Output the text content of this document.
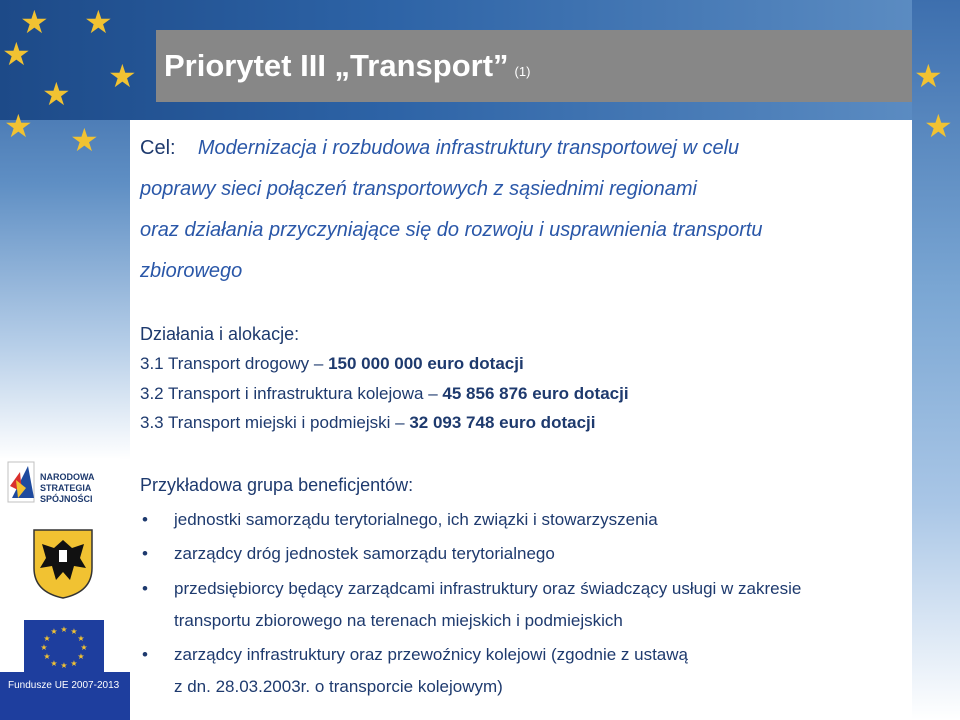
★ ★
★
★
★
★ ★
★
★
Priorytet III „Transport” (1)

Cel: Modernizacja i rozbudowa infrastruktury transportowej w celu

poprawy sieci połączeń transportowych z sąsiednimi regionami

oraz działania przyczyniające się do rozwoju i usprawnienia transportu

zbiorowego

Działania i alokacje:
3.1 Transport drogowy – 150 000 000 euro dotacji
3.2 Transport i infrastruktura kolejowa – 45 856 876 euro dotacji
3.3 Transport miejski i podmiejski – 32 093 748 euro dotacji
Przykładowa grupa beneficjentów:
• jednostki samorządu terytorialnego, ich związki i stowarzyszenia
• zarządcy dróg jednostek samorządu terytorialnego
• przedsiębiorcy będący zarządcami infrastruktury oraz świadczący usługi w zakresie
transportu zbiorowego na terenach miejskich i podmiejskich
• zarządcy infrastruktury oraz przewoźnicy kolejowi (zgodnie z ustawą
z dn. 28.03.2003r. o transporcie kolejowym)
NARODOWA
STRATEGIA SPÓJNOŚCI
★ ★
★
★
★
★
★
★
★
★
★
★
Fundusze UE 2007-2013
